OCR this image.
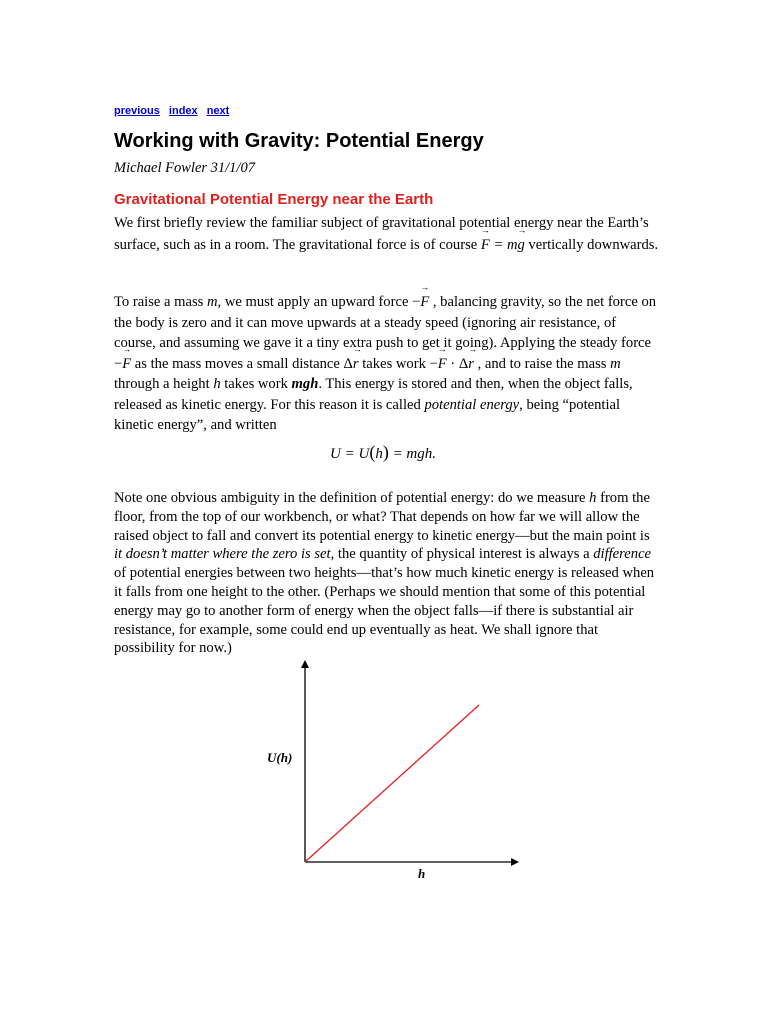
previous index next
Working with Gravity: Potential Energy
Michael Fowler 31/1/07
Gravitational Potential Energy near the Earth

We first briefly review the familiar subject of gravitational potential energy near the Earth’s surface, such as in a room. The gravitational force is of course → F = m→ g vertically downwards.

To raise a mass m, we must apply an upward force −→ F , balancing gravity, so the net force on the body is zero and it can move upwards at a steady speed (ignoring air resistance, of course, and assuming we gave it a tiny extra push to get it going). Applying the steady force −→ F as the mass moves a small distance Δ→ r takes work −→ F · Δ→ r , and to raise the mass m through a height h takes work mgh. This energy is stored and then, when the object falls, released as kinetic energy. For this reason it is called potential energy, being “potential kinetic energy”, and written

U = U(h) = mgh.

Note one obvious ambiguity in the definition of potential energy: do we measure h from the floor, from the top of our workbench, or what? That depends on how far we will allow the raised object to fall and convert its potential energy to kinetic energy—but the main point is it doesn’t matter where the zero is set, the quantity of physical interest is always a difference of potential energies between two heights—that’s how much kinetic energy is released when it falls from one height to the other. (Perhaps we should mention that some of this potential energy may go to another form of energy when the object falls—if there is substantial air resistance, for example, some could end up eventually as heat. We shall ignore that possibility for now.)

U(h)
h
